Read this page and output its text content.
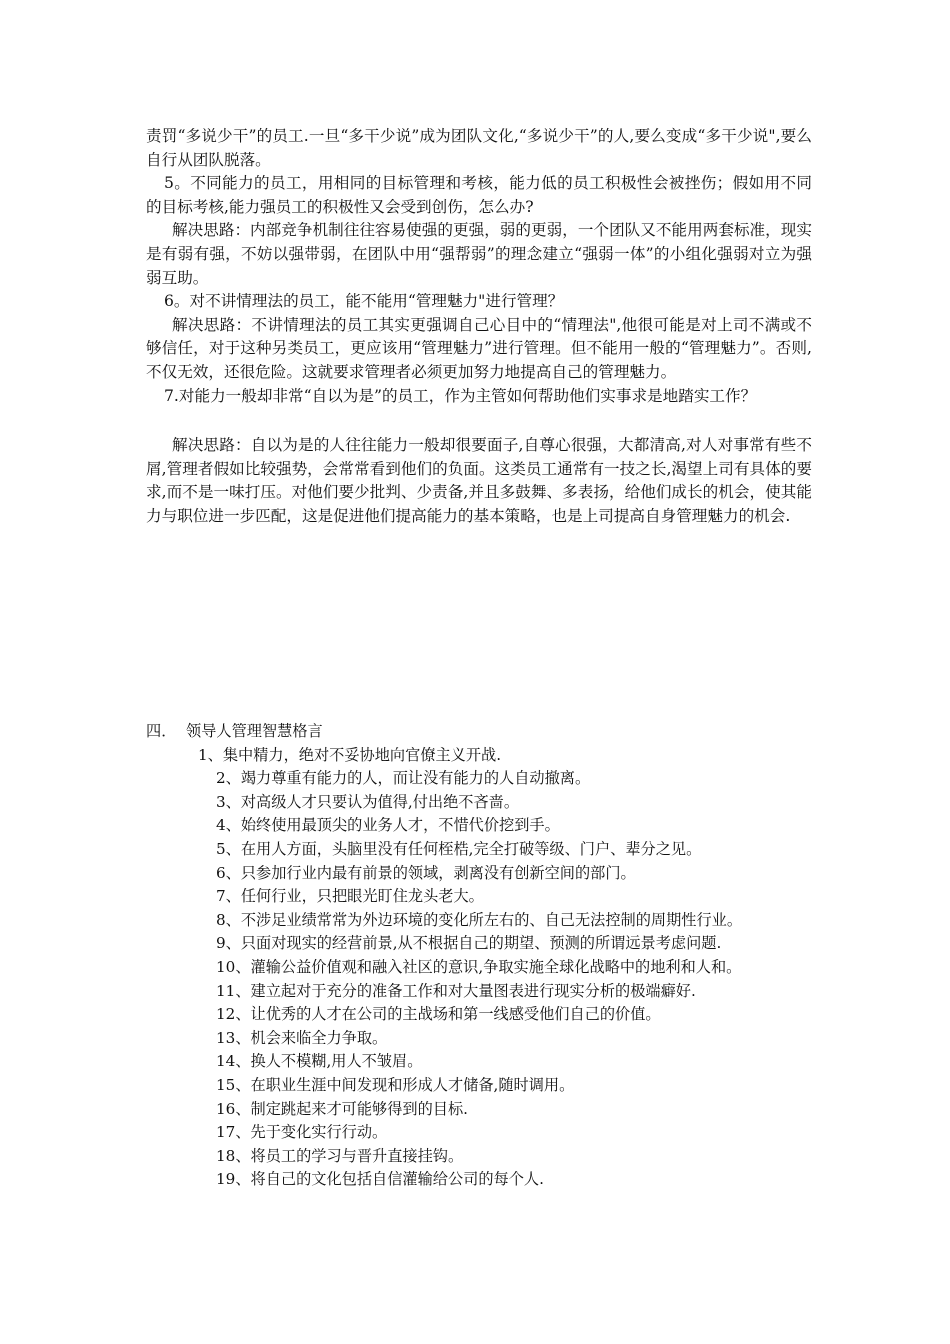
责罚“多说少干”的员工.一旦“多干少说”成为团队文化,“多说少干”的人,要么变成“多干少说",要么自行从团队脱落。

5。不同能力的员工，用相同的目标管理和考核，能力低的员工积极性会被挫伤；假如用不同的目标考核,能力强员工的积极性又会受到创伤，怎么办?

解决思路：内部竞争机制往往容易使强的更强，弱的更弱，一个团队又不能用两套标准，现实是有弱有强，不妨以强带弱，在团队中用“强帮弱”的理念建立“强弱一体”的小组化强弱对立为强弱互助。

6。对不讲情理法的员工，能不能用“管理魅力"进行管理？

解决思路：不讲情理法的员工其实更强调自己心目中的“情理法",他很可能是对上司不满或不够信任，对于这种另类员工，更应该用“管理魅力”进行管理。但不能用一般的“管理魅力”。否则,不仅无效，还很危险。这就要求管理者必须更加努力地提高自己的管理魅力。

7.对能力一般却非常“自以为是”的员工，作为主管如何帮助他们实事求是地踏实工作？

解决思路：自以为是的人往往能力一般却很要面子,自尊心很强，大都清高,对人对事常有些不屑,管理者假如比较强势，会常常看到他们的负面。这类员工通常有一技之长,渴望上司有具体的要求,而不是一味打压。对他们要少批判、少责备,并且多鼓舞、多表扬，给他们成长的机会，使其能力与职位进一步匹配，这是促进他们提高能力的基本策略，也是上司提高自身管理魅力的机会.

四． 领导人管理智慧格言

1、集中精力，绝对不妥协地向官僚主义开战.
2、竭力尊重有能力的人，而让没有能力的人自动撤离。
3、对高级人才只要认为值得,付出绝不吝啬。
4、始终使用最顶尖的业务人才，不惜代价挖到手。
5、在用人方面，头脑里没有任何桎梏,完全打破等级、门户、辈分之见。
6、只参加行业内最有前景的领域，剥离没有创新空间的部门。
7、任何行业，只把眼光盯住龙头老大。
8、不涉足业绩常常为外边环境的变化所左右的、自己无法控制的周期性行业。
9、只面对现实的经营前景,从不根据自己的期望、预测的所谓远景考虑问题.
10、灌输公益价值观和融入社区的意识,争取实施全球化战略中的地利和人和。
11、建立起对于充分的准备工作和对大量图表进行现实分析的极端癖好.
12、让优秀的人才在公司的主战场和第一线感受他们自己的价值。
13、机会来临全力争取。
14、换人不模糊,用人不皱眉。
15、在职业生涯中间发现和形成人才储备,随时调用。
16、制定跳起来才可能够得到的目标.
17、先于变化实行行动。
18、将员工的学习与晋升直接挂钩。
19、将自己的文化包括自信灌输给公司的每个人.
